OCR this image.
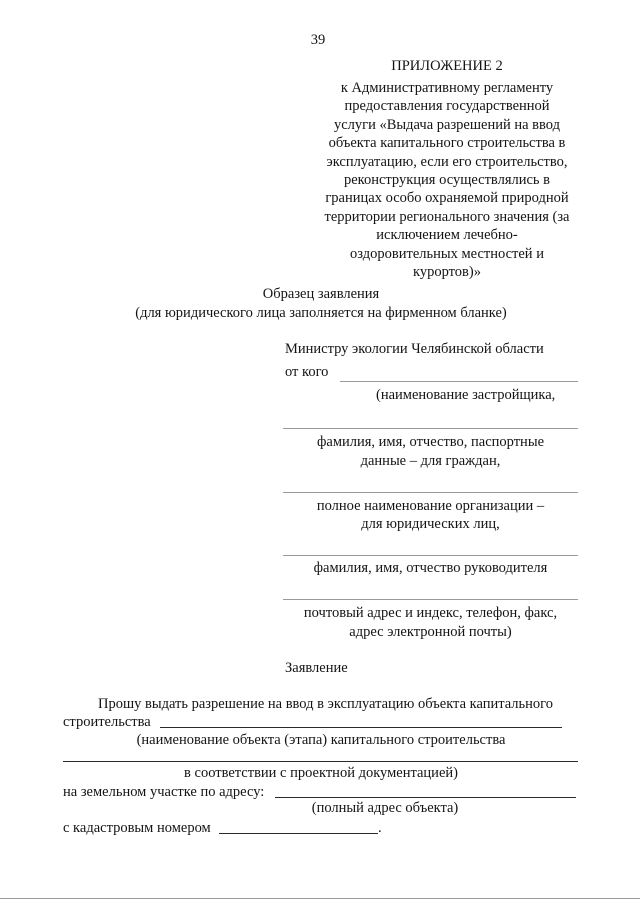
39
ПРИЛОЖЕНИЕ 2
к Административному регламенту
предоставления государственной
услуги «Выдача разрешений на ввод
объекта капитального строительства в
эксплуатацию, если его строительство,
реконструкция осуществлялись в
границах особо охраняемой природной
территории регионального значения (за
исключением лечебно-
оздоровительных местностей и
курортов)»
Образец заявления
(для юридического лица заполняется на фирменном бланке)
Министру экологии Челябинской области
от кого
(наименование застройщика,
фамилия, имя, отчество, паспортные
данные – для граждан,
полное наименование организации –
для юридических лиц,
фамилия, имя, отчество руководителя
почтовый адрес и индекс, телефон, факс,
адрес электронной почты)
Заявление
Прошу выдать разрешение на ввод в эксплуатацию объекта капитального
строительства
(наименование объекта (этапа) капитального строительства
в соответствии с проектной документацией)
на земельном участке по адресу:
(полный адрес объекта)
с кадастровым номером	.
